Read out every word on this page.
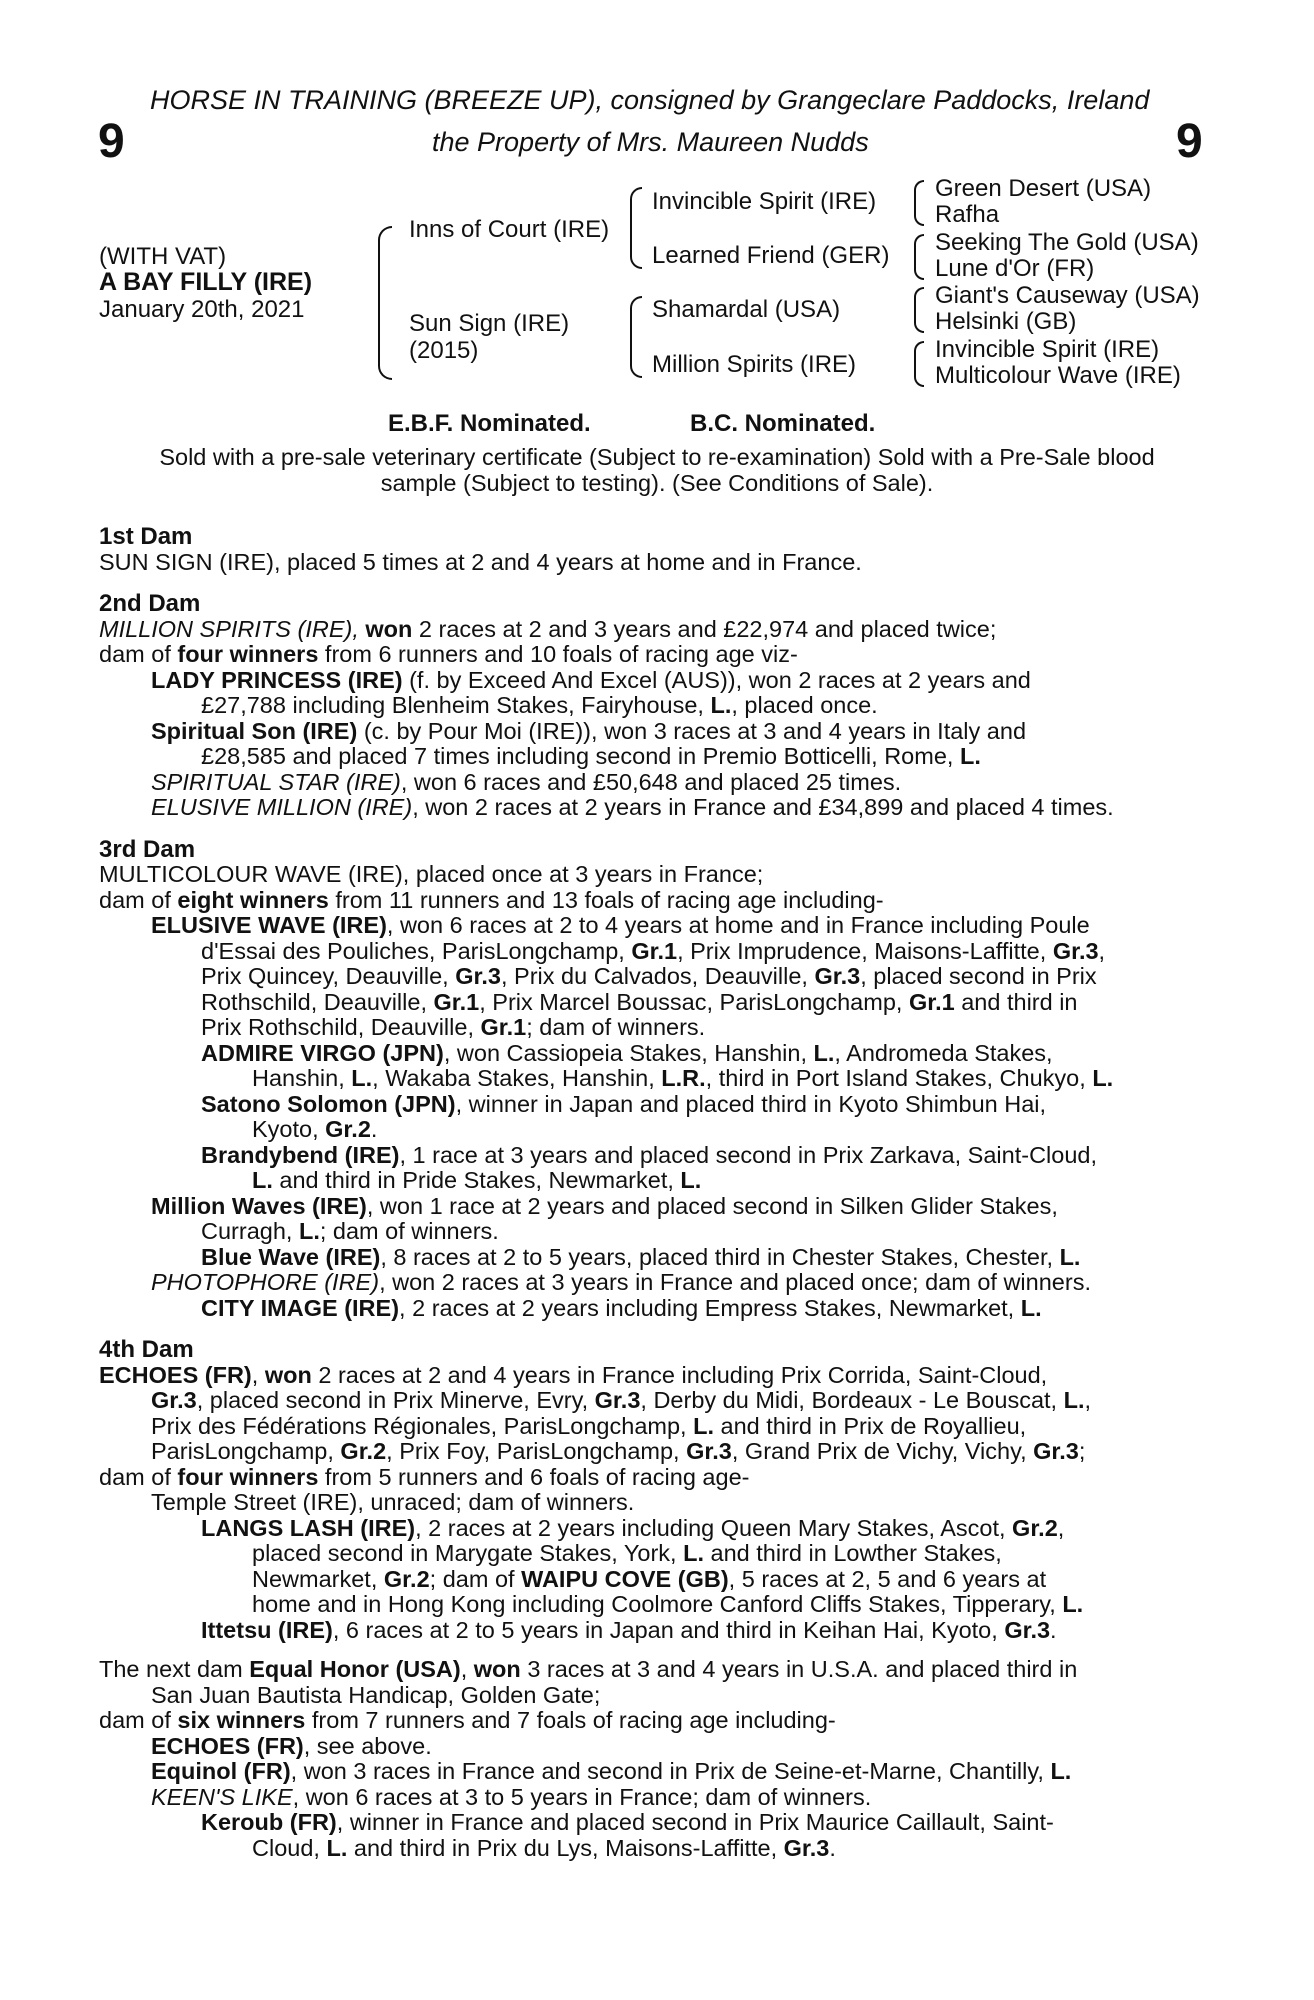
HORSE IN TRAINING (BREEZE UP), consigned by Grangeclare Paddocks, Ireland
the Property of Mrs. Maureen Nudds
9	9
(WITH VAT)
A BAY FILLY (IRE)
January 20th, 2021
Inns of Court (IRE)
Sun Sign (IRE)
(2015)
Invincible Spirit (IRE)
Learned Friend (GER)
Shamardal (USA)
Million Spirits (IRE)
Green Desert (USA)
Rafha
Seeking The Gold (USA)
Lune d'Or (FR)
Giant's Causeway (USA)
Helsinki (GB)
Invincible Spirit (IRE)
Multicolour Wave (IRE)
E.B.F. Nominated.	B.C. Nominated.
Sold with a pre-sale veterinary certificate (Subject to re-examination) Sold with a Pre-Sale blood
sample (Subject to testing). (See Conditions of Sale).
1st Dam
SUN SIGN (IRE), placed 5 times at 2 and 4 years at home and in France.
2nd Dam
MILLION SPIRITS (IRE), won 2 races at 2 and 3 years and £22,974 and placed twice;
dam of four winners from 6 runners and 10 foals of racing age viz-
LADY PRINCESS (IRE) (f. by Exceed And Excel (AUS)), won 2 races at 2 years and
£27,788 including Blenheim Stakes, Fairyhouse, L., placed once.
Spiritual Son (IRE) (c. by Pour Moi (IRE)), won 3 races at 3 and 4 years in Italy and
£28,585 and placed 7 times including second in Premio Botticelli, Rome, L.
SPIRITUAL STAR (IRE), won 6 races and £50,648 and placed 25 times.
ELUSIVE MILLION (IRE), won 2 races at 2 years in France and £34,899 and placed 4 times.
3rd Dam
MULTICOLOUR WAVE (IRE), placed once at 3 years in France;
dam of eight winners from 11 runners and 13 foals of racing age including-
ELUSIVE WAVE (IRE), won 6 races at 2 to 4 years at home and in France including Poule
d'Essai des Pouliches, ParisLongchamp, Gr.1, Prix Imprudence, Maisons-Laffitte, Gr.3,
Prix Quincey, Deauville, Gr.3, Prix du Calvados, Deauville, Gr.3, placed second in Prix
Rothschild, Deauville, Gr.1, Prix Marcel Boussac, ParisLongchamp, Gr.1 and third in
Prix Rothschild, Deauville, Gr.1; dam of winners.
ADMIRE VIRGO (JPN), won Cassiopeia Stakes, Hanshin, L., Andromeda Stakes,
Hanshin, L., Wakaba Stakes, Hanshin, L.R., third in Port Island Stakes, Chukyo, L.
Satono Solomon (JPN), winner in Japan and placed third in Kyoto Shimbun Hai,
Kyoto, Gr.2.
Brandybend (IRE), 1 race at 3 years and placed second in Prix Zarkava, Saint-Cloud,
L. and third in Pride Stakes, Newmarket, L.
Million Waves (IRE), won 1 race at 2 years and placed second in Silken Glider Stakes,
Curragh, L.; dam of winners.
Blue Wave (IRE), 8 races at 2 to 5 years, placed third in Chester Stakes, Chester, L.
PHOTOPHORE (IRE), won 2 races at 3 years in France and placed once; dam of winners.
CITY IMAGE (IRE), 2 races at 2 years including Empress Stakes, Newmarket, L.
4th Dam
ECHOES (FR), won 2 races at 2 and 4 years in France including Prix Corrida, Saint-Cloud,
Gr.3, placed second in Prix Minerve, Evry, Gr.3, Derby du Midi, Bordeaux - Le Bouscat, L.,
Prix des Fédérations Régionales, ParisLongchamp, L. and third in Prix de Royallieu,
ParisLongchamp, Gr.2, Prix Foy, ParisLongchamp, Gr.3, Grand Prix de Vichy, Vichy, Gr.3;
dam of four winners from 5 runners and 6 foals of racing age-
Temple Street (IRE), unraced; dam of winners.
LANGS LASH (IRE), 2 races at 2 years including Queen Mary Stakes, Ascot, Gr.2,
placed second in Marygate Stakes, York, L. and third in Lowther Stakes,
Newmarket, Gr.2; dam of WAIPU COVE (GB), 5 races at 2, 5 and 6 years at
home and in Hong Kong including Coolmore Canford Cliffs Stakes, Tipperary, L.
Ittetsu (IRE), 6 races at 2 to 5 years in Japan and third in Keihan Hai, Kyoto, Gr.3.
The next dam Equal Honor (USA), won 3 races at 3 and 4 years in U.S.A. and placed third in
San Juan Bautista Handicap, Golden Gate;
dam of six winners from 7 runners and 7 foals of racing age including-
ECHOES (FR), see above.
Equinol (FR), won 3 races in France and second in Prix de Seine-et-Marne, Chantilly, L.
KEEN'S LIKE, won 6 races at 3 to 5 years in France; dam of winners.
Keroub (FR), winner in France and placed second in Prix Maurice Caillault, Saint-
Cloud, L. and third in Prix du Lys, Maisons-Laffitte, Gr.3.
